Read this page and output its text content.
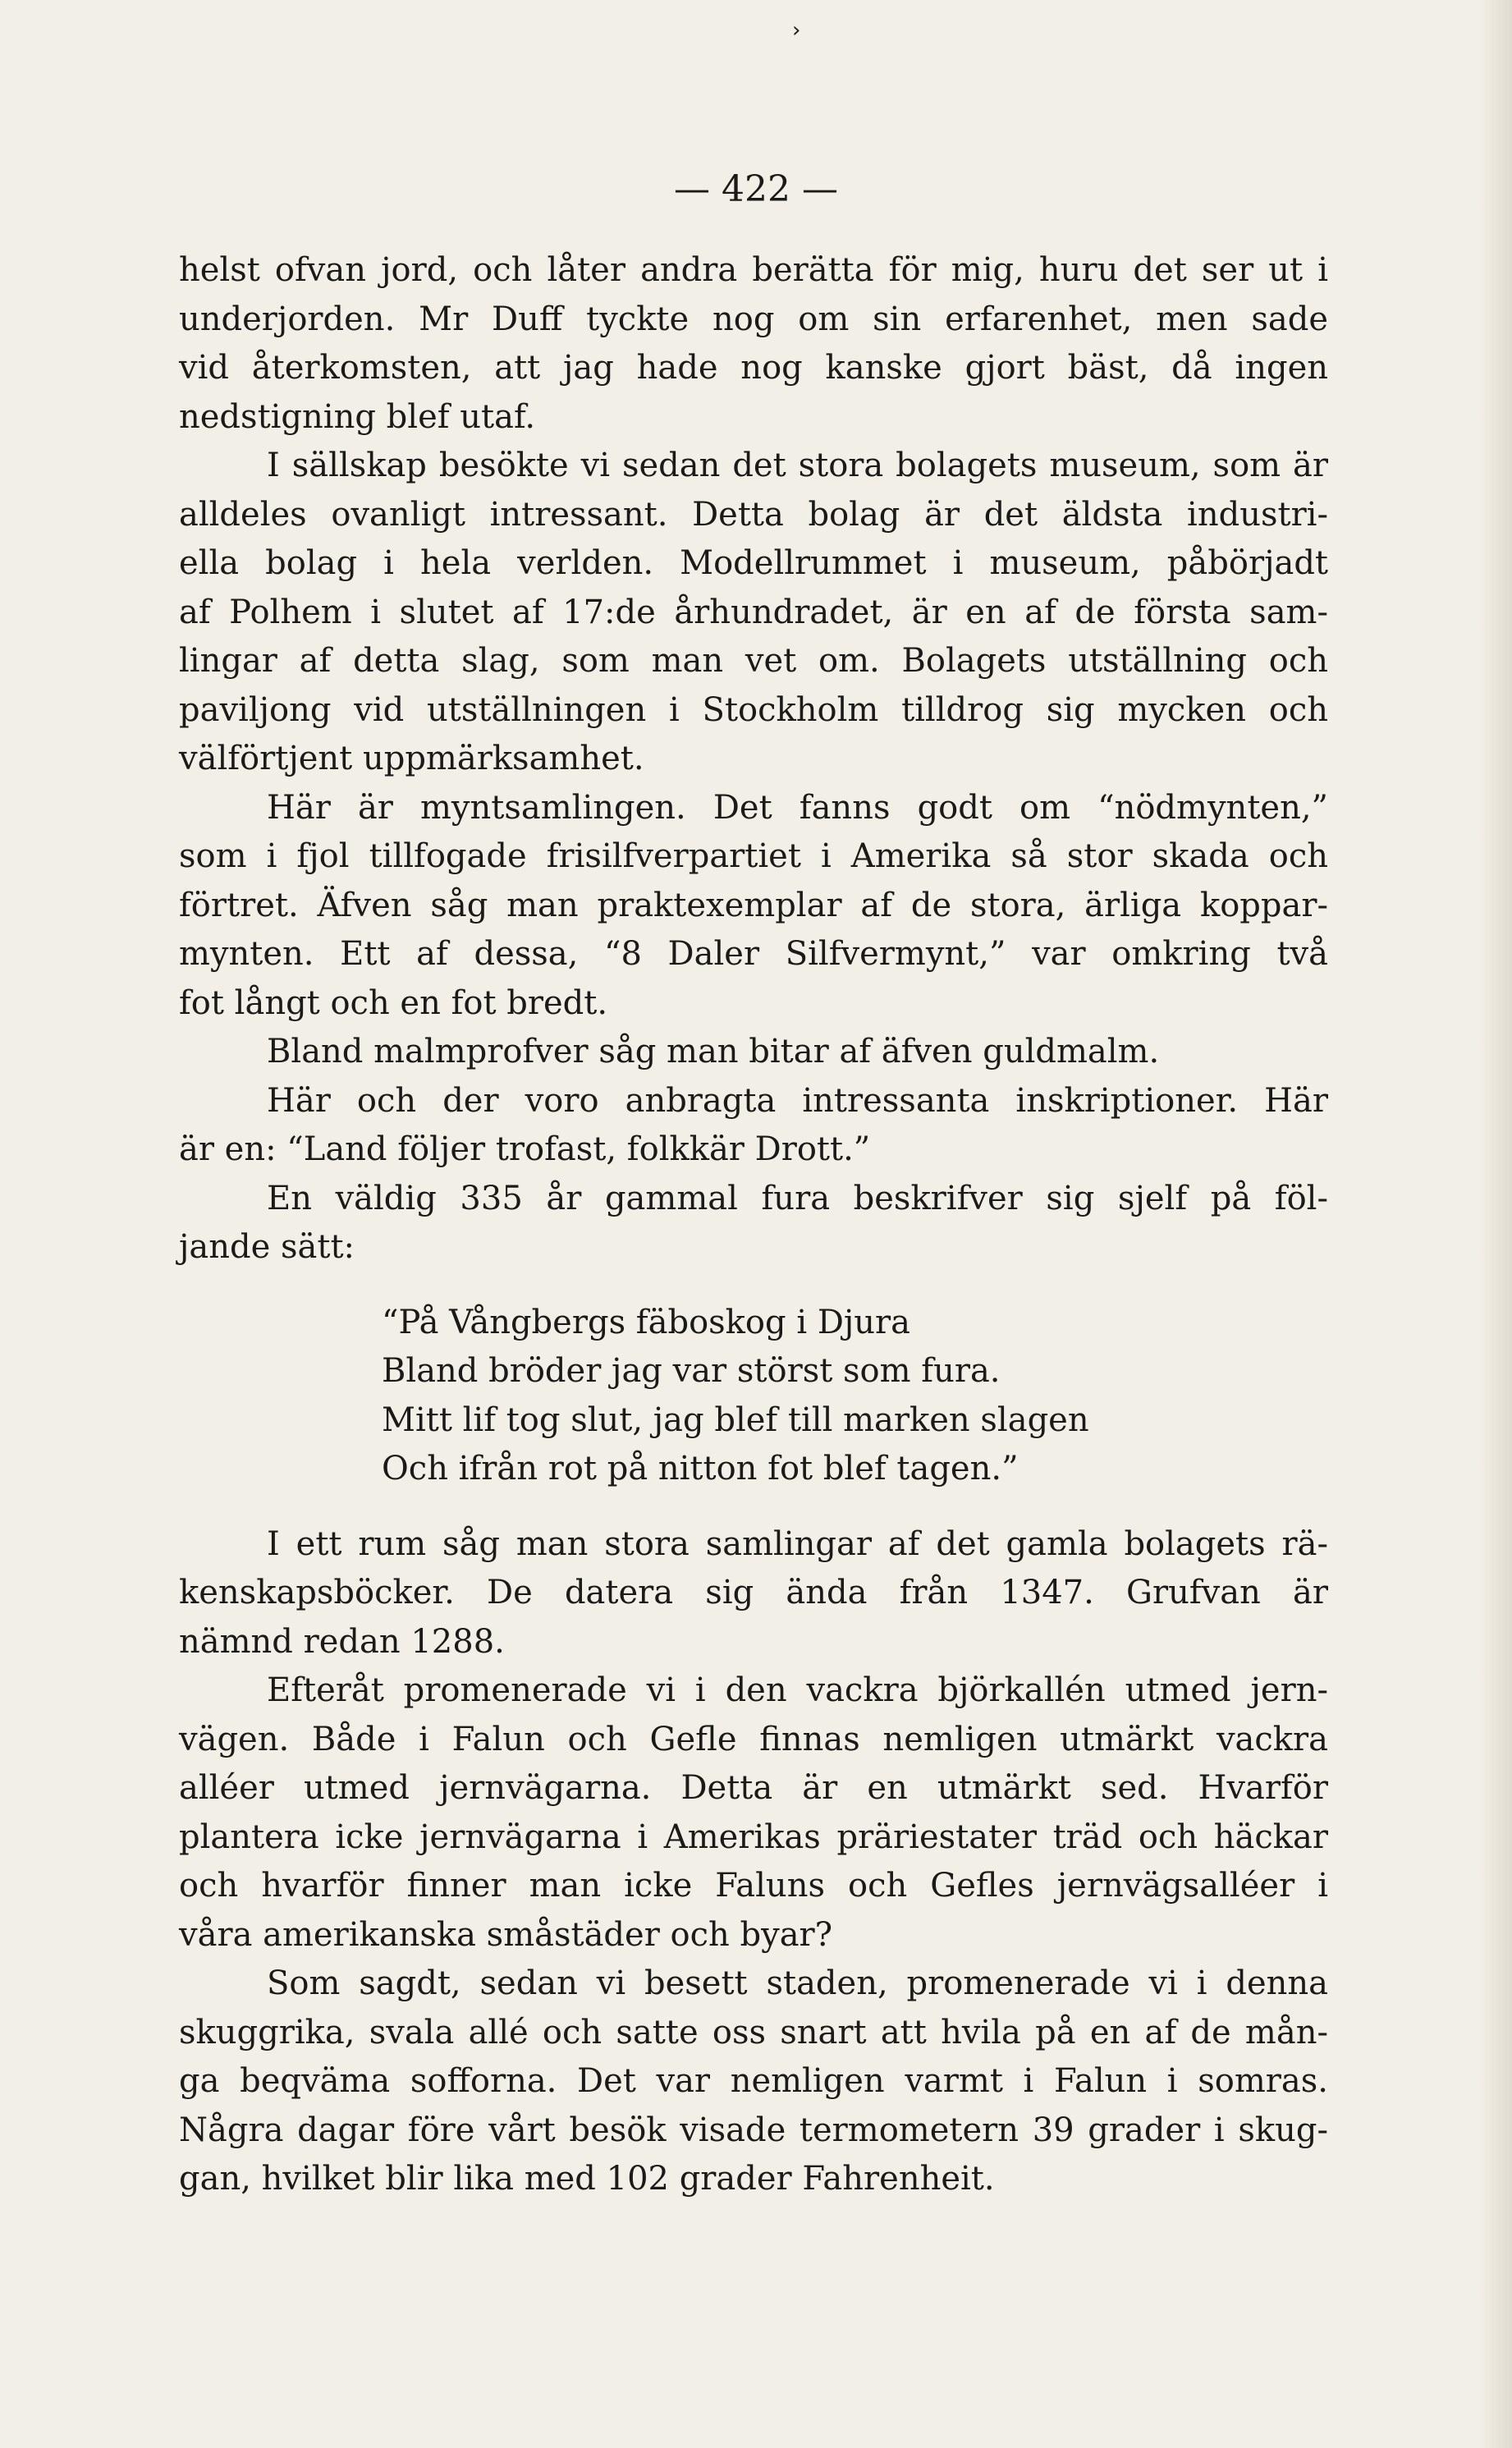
›
— 422 —

helst ofvan jord, och låter andra berätta för mig, huru det ser ut i
underjorden. Mr Duff tyckte nog om sin erfarenhet, men sade
vid återkomsten, att jag hade nog kanske gjort bäst, då ingen
nedstigning blef utaf.

I sällskap besökte vi sedan det stora bolagets museum, som är
alldeles ovanligt intressant. Detta bolag är det äldsta industri-
ella bolag i hela verlden. Modellrummet i museum, påbörjadt
af Polhem i slutet af 17:de århundradet, är en af de första sam-
lingar af detta slag, som man vet om. Bolagets utställning och
paviljong vid utställningen i Stockholm tilldrog sig mycken och
välförtjent uppmärksamhet.

Här är myntsamlingen. Det fanns godt om “nödmynten,”
som i fjol tillfogade frisilfverpartiet i Amerika så stor skada och
förtret. Äfven såg man praktexemplar af de stora, ärliga koppar-
mynten. Ett af dessa, “8 Daler Silfvermynt,” var omkring två
fot långt och en fot bredt.

Bland malmprofver såg man bitar af äfven guldmalm.

Här och der voro anbragta intressanta inskriptioner. Här
är en: “Land följer trofast, folkkär Drott.”

En väldig 335 år gammal fura beskrifver sig sjelf på föl-
jande sätt:

“På Vångbergs fäboskog i Djura
Bland bröder jag var störst som fura.
Mitt lif tog slut, jag blef till marken slagen
Och ifrån rot på nitton fot blef tagen.”

I ett rum såg man stora samlingar af det gamla bolagets rä-
kenskapsböcker. De datera sig ända från 1347. Grufvan är
nämnd redan 1288.

Efteråt promenerade vi i den vackra björkallén utmed jern-
vägen. Både i Falun och Gefle finnas nemligen utmärkt vackra
alléer utmed jernvägarna. Detta är en utmärkt sed. Hvarför
plantera icke jernvägarna i Amerikas präriestater träd och häckar
och hvarför finner man icke Faluns och Gefles jernvägsalléer i
våra amerikanska småstäder och byar?

Som sagdt, sedan vi besett staden, promenerade vi i denna
skuggrika, svala allé och satte oss snart att hvila på en af de mån-
ga beqväma sofforna. Det var nemligen varmt i Falun i somras.
Några dagar före vårt besök visade termometern 39 grader i skug-
gan, hvilket blir lika med 102 grader Fahrenheit.
